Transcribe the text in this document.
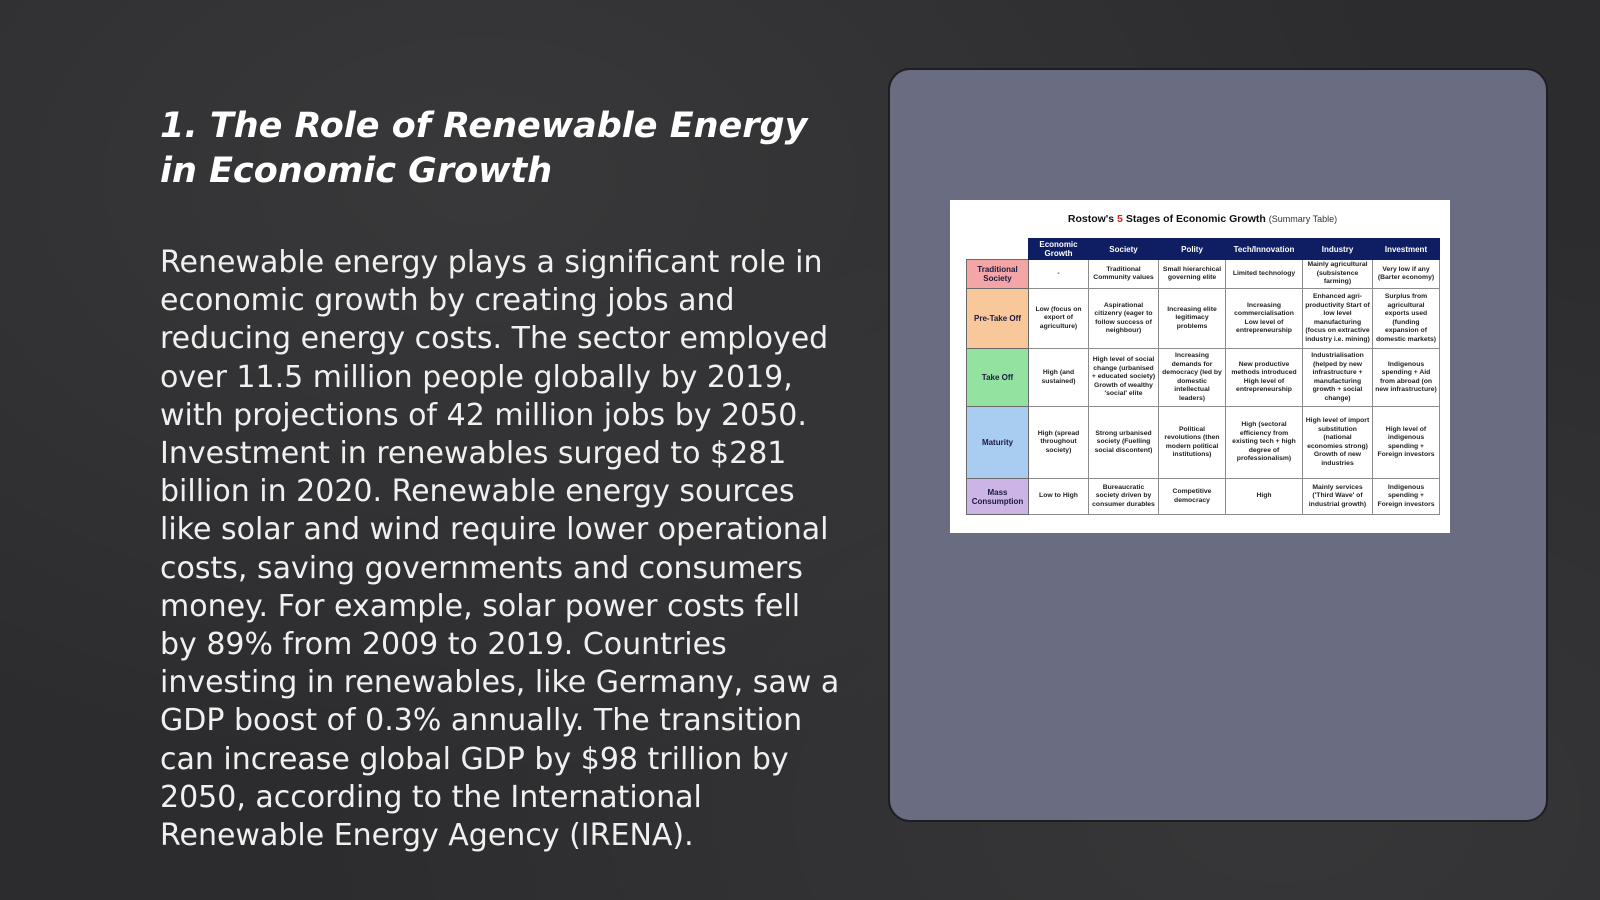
1. The Role of Renewable Energy in Economic Growth

Renewable energy plays a significant role in economic growth by creating jobs and reducing energy costs. The sector employed over 11.5 million people globally by 2019, with projections of 42 million jobs by 2050. Investment in renewables surged to $281 billion in 2020. Renewable energy sources like solar and wind require lower operational costs, saving governments and consumers money. For example, solar power costs fell by 89% from 2009 to 2019. Countries investing in renewables, like Germany, saw a GDP boost of 0.3% annually. The transition can increase global GDP by $98 trillion by 2050, according to the International Renewable Energy Agency (IRENA).

Rostow's 5 Stages of Economic Growth (Summary Table)
	Economic Growth	Society	Polity	Tech/Innovation	Industry	Investment
Traditional Society	-	Traditional Community values	Small hierarchical governing elite	Limited technology	Mainly agricultural (subsistence farming)	Very low if any (Barter economy)
Pre-Take Off	Low (focus on export of agriculture)	Aspirational citizenry (eager to follow success of neighbour)	Increasing elite legitimacy problems	Increasing commercialisation Low level of entrepreneurship	Enhanced agri-productivity Start of low level manufacturing (focus on extractive industry i.e. mining)	Surplus from agricultural exports used (funding expansion of domestic markets)
Take Off	High (and sustained)	High level of social change (urbanised + educated society) Growth of wealthy 'social' elite	Increasing demands for democracy (led by domestic intellectual leaders)	New productive methods introduced High level of entrepreneurship	Industrialisation (helped by new infrastructure + manufacturing growth + social change)	Indigenous spending + Aid from abroad (on new infrastructure)
Maturity	High (spread throughout society)	Strong urbanised society (Fuelling social discontent)	Political revolutions (then modern political institutions)	High (sectoral efficiency from existing tech + high degree of professionalism)	High level of import substitution (national economies strong) Growth of new industries	High level of indigenous spending + Foreign investors
Mass Consumption	Low to High	Bureaucratic society driven by consumer durables	Competitive democracy	High	Mainly services ('Third Wave' of industrial growth)	Indigenous spending + Foreign investors
